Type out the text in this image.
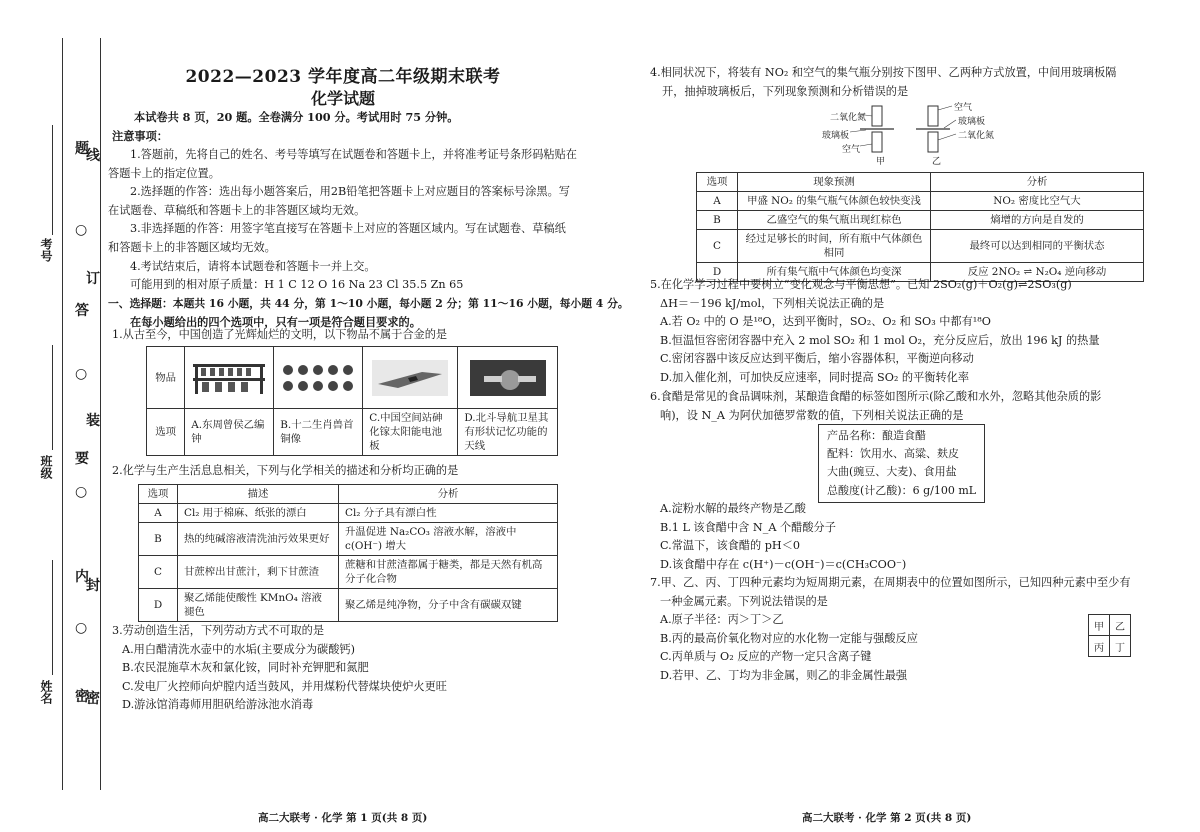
考号
班级
姓名
题
○
答
○
要
○
内
○
密
线
订
装
封
密
2022—2023 学年度高二年级期末联考
化学试题
本试卷共 8 页，20 题。全卷满分 100 分。考试用时 75 分钟。
注意事项：
1.答题前，先将自己的姓名、考号等填写在试题卷和答题卡上，并将准考证号条形码粘贴在
答题卡上的指定位置。
2.选择题的作答：选出每小题答案后，用2B铅笔把答题卡上对应题目的答案标号涂黑。写
在试题卷、草稿纸和答题卡上的非答题区域均无效。
3.非选择题的作答：用签字笔直接写在答题卡上对应的答题区域内。写在试题卷、草稿纸
和答题卡上的非答题区域均无效。
4.考试结束后，请将本试题卷和答题卡一并上交。
可能用到的相对原子质量：H 1 C 12 O 16 Na 23 Cl 35.5 Zn 65
一、选择题：本题共 16 小题，共 44 分，第 1～10 小题，每小题 2 分；第 11～16 小题，每小题 4 分。
在每小题给出的四个选项中，只有一项是符合题目要求的。
1.从古至今，中国创造了光辉灿烂的文明，以下物品不属于合金的是
物品	

选项	A.东周曾侯乙编钟	B.十二生肖兽首铜像	C.中国空间站砷化镓太阳能电池板	D.北斗导航卫星其有形状记忆功能的天线
2.化学与生产生活息息相关，下列与化学相关的描述和分析均正确的是
选项	描述	分析
A	Cl₂ 用于棉麻、纸张的漂白	Cl₂ 分子具有漂白性
B	热的纯碱溶液清洗油污效果更好	升温促进 Na₂CO₃ 溶液水解，溶液中 c(OH⁻) 增大
C	甘蔗榨出甘蔗汁，剩下甘蔗渣	蔗糖和甘蔗渣都属于糖类，都是天然有机高分子化合物
D	聚乙烯能使酸性 KMnO₄ 溶液褪色	聚乙烯是纯净物，分子中含有碳碳双键
3.劳动创造生活，下列劳动方式不可取的是
A.用白醋清洗水壶中的水垢(主要成分为碳酸钙)
B.农民混施草木灰和氯化铵，同时补充钾肥和氮肥
C.发电厂火控师向炉膛内适当鼓风，并用煤粉代替煤块使炉火更旺
D.游泳馆消毒师用胆矾给游泳池水消毒
高二大联考 · 化学 第 1 页(共 8 页)
4.相同状况下，将装有 NO₂ 和空气的集气瓶分别按下图甲、乙两种方式放置，中间用玻璃板隔
开，抽掉玻璃板后，下列现象预测和分析错误的是
二氧化氮
玻璃板
空气
空气
玻璃板
二氧化氮
甲	乙
选项	现象预测	分析
A	甲盛 NO₂ 的集气瓶气体颜色较快变浅	NO₂ 密度比空气大
B	乙盛空气的集气瓶出现红棕色	熵增的方向是自发的
C	经过足够长的时间，所有瓶中气体颜色相同	最终可以达到相同的平衡状态
D	所有集气瓶中气体颜色均变深	反应 2NO₂ ⇌ N₂O₄ 逆向移动
5.在化学学习过程中要树立“变化观念与平衡思想”。已知 2SO₂(g)＋O₂(g)⇌2SO₃(g)
ΔH＝－196 kJ/mol，下列相关说法正确的是
A.若 O₂ 中的 O 是¹⁸O，达到平衡时，SO₂、O₂ 和 SO₃ 中都有¹⁸O
B.恒温恒容密闭容器中充入 2 mol SO₂ 和 1 mol O₂，充分反应后，放出 196 kJ 的热量
C.密闭容器中该反应达到平衡后，缩小容器体积，平衡逆向移动
D.加入催化剂，可加快反应速率，同时提高 SO₂ 的平衡转化率
6.食醋是常见的食品调味剂，某酿造食醋的标签如图所示(除乙酸和水外，忽略其他杂质的影
响)，设 N_A 为阿伏加德罗常数的值，下列相关说法正确的是
产品名称：酿造食醋
配料：饮用水、高粱、麸皮
大曲(豌豆、大麦)、食用盐
总酸度(计乙酸)：6 g/100 mL
A.淀粉水解的最终产物是乙酸
B.1 L 该食醋中含 N_A 个醋酸分子
C.常温下，该食醋的 pH＜0
D.该食醋中存在 c(H⁺)－c(OH⁻)＝c(CH₃COO⁻)
7.甲、乙、丙、丁四种元素均为短周期元素，在周期表中的位置如图所示，已知四种元素中至少有
一种金属元素。下列说法错误的是
A.原子半径：丙＞丁＞乙
B.丙的最高价氧化物对应的水化物一定能与强酸反应
C.丙单质与 O₂ 反应的产物一定只含离子键
D.若甲、乙、丁均为非金属，则乙的非金属性最强
甲	乙
丙	丁
高二大联考 · 化学 第 2 页(共 8 页)
